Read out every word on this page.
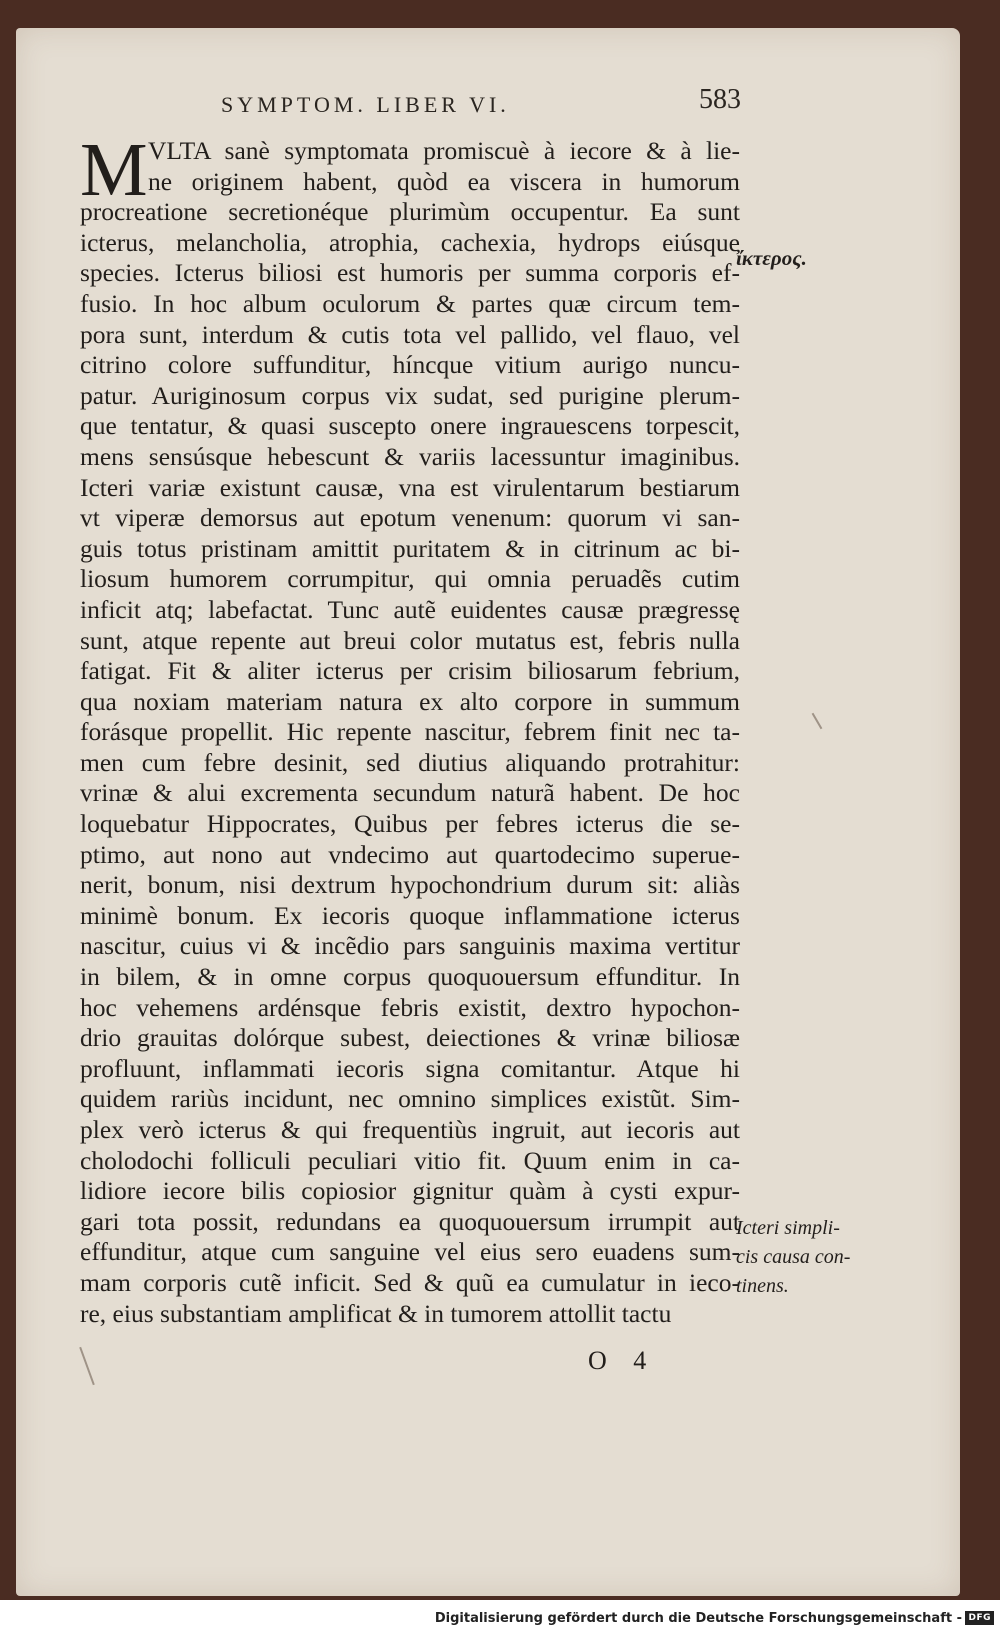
SYMPTOM. LIBER VI.	583
M VLTA sanè symptomata promiscuè à iecore & à lie-
ne originem habent, quòd ea viscera in humorum
procreatione secretionéque plurimùm occupentur. Ea sunt
icterus, melancholia, atrophia, cachexia, hydrops eiúsque
species. Icterus biliosi est humoris per summa corporis ef-
fusio. In hoc album oculorum & partes quæ circum tem-
pora sunt, interdum & cutis tota vel pallido, vel flauo, vel
citrino colore suffunditur, híncque vitium aurigo nuncu-
patur. Auriginosum corpus vix sudat, sed purigine plerum-
que tentatur, & quasi suscepto onere ingrauescens torpescit,
mens sensúsque hebescunt & variis lacessuntur imaginibus.
Icteri variæ existunt causæ, vna est virulentarum bestiarum
vt viperæ demorsus aut epotum venenum: quorum vi san-
guis totus pristinam amittit puritatem & in citrinum ac bi-
liosum humorem corrumpitur, qui omnia peruadẽs cutim
inficit atq; labefactat. Tunc autẽ euidentes causæ prægressę
sunt, atque repente aut breui color mutatus est, febris nulla
fatigat. Fit & aliter icterus per crisim biliosarum febrium,
qua noxiam materiam natura ex alto corpore in summum
forásque propellit. Hic repente nascitur, febrem finit nec ta-
men cum febre desinit, sed diutius aliquando protrahitur:
vrinæ & alui excrementa secundum naturã habent. De hoc
loquebatur Hippocrates, Quibus per febres icterus die se-
ptimo, aut nono aut vndecimo aut quartodecimo superue-
nerit, bonum, nisi dextrum hypochondrium durum sit: aliàs
minimè bonum. Ex iecoris quoque inflammatione icterus
nascitur, cuius vi & incẽdio pars sanguinis maxima vertitur
in bilem, & in omne corpus quoquouersum effunditur. In
hoc vehemens ardénsque febris existit, dextro hypochon-
drio grauitas dolórque subest, deiectiones & vrinæ biliosæ
profluunt, inflammati iecoris signa comitantur. Atque hi
quidem rariùs incidunt, nec omnino simplices existũt. Sim-
plex verò icterus & qui frequentiùs ingruit, aut iecoris aut
cholodochi folliculi peculiari vitio fit. Quum enim in ca-
lidiore iecore bilis copiosior gignitur quàm à cysti expur-
gari tota possit, redundans ea quoquouersum irrumpit aut
effunditur, atque cum sanguine vel eius sero euadens sum-
mam corporis cutẽ inficit. Sed & quũ ea cumulatur in ieco-
re, eius substantiam amplificat & in tumorem attollit tactu
ἴκτερος.
Icteri simpli-
cis causa con-
tinens.
O 4
Digitalisierung gefördert durch die Deutsche Forschungsgemeinschaft - DFG
